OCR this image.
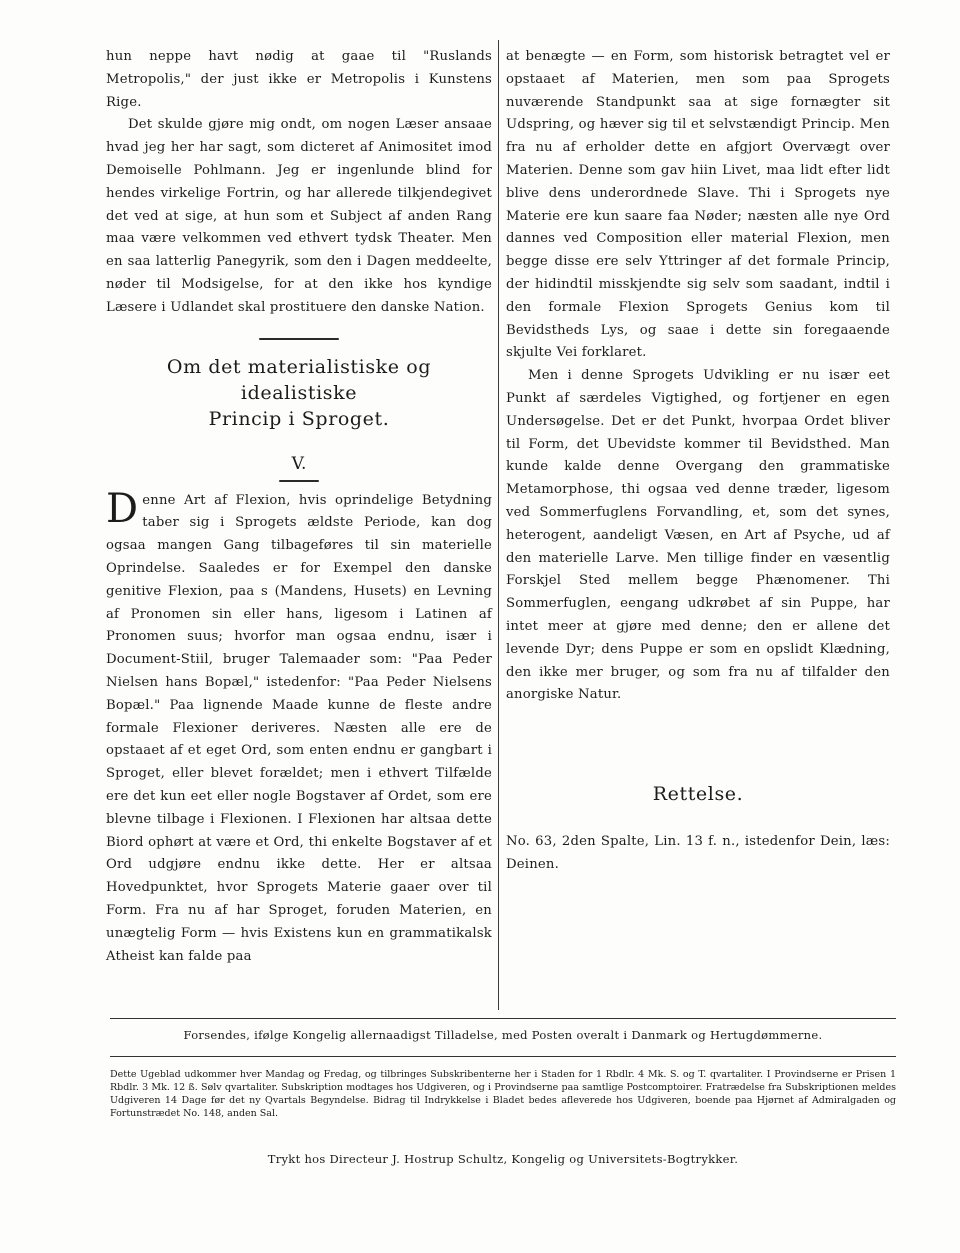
hun neppe havt nødig at gaae til "Ruslands Metropolis," der just ikke er Metropolis i Kunstens Rige.

Det skulde gjøre mig ondt, om nogen Læser ansaae hvad jeg her har sagt, som dicteret af Animositet imod Demoiselle Pohlmann. Jeg er ingenlunde blind for hendes virkelige Fortrin, og har allerede tilkjendegivet det ved at sige, at hun som et Subject af anden Rang maa være velkommen ved ethvert tydsk Theater. Men en saa latterlig Panegyrik, som den i Dagen meddeelte, nøder til Modsigelse, for at den ikke hos kyndige Læsere i Udlandet skal prostituere den danske Nation.

Om det materialistiske og idealistiske
Princip i Sproget.
V.

Denne Art af Flexion, hvis oprindelige Betydning taber sig i Sprogets ældste Periode, kan dog ogsaa mangen Gang tilbageføres til sin materielle Oprindelse. Saaledes er for Exempel den danske genitive Flexion, paa s (Mandens, Husets) en Levning af Pronomen sin eller hans, ligesom i Latinen af Pronomen suus; hvorfor man ogsaa endnu, især i Document-Stiil, bruger Talemaader som: "Paa Peder Nielsen hans Bopæl," istedenfor: "Paa Peder Nielsens Bopæl." Paa lignende Maade kunne de fleste andre formale Flexioner deriveres. Næsten alle ere de opstaaet af et eget Ord, som enten endnu er gangbart i Sproget, eller blevet forældet; men i ethvert Tilfælde ere det kun eet eller nogle Bogstaver af Ordet, som ere blevne tilbage i Flexionen. I Flexionen har altsaa dette Biord ophørt at være et Ord, thi enkelte Bogstaver af et Ord udgjøre endnu ikke dette. Her er altsaa Hovedpunktet, hvor Sprogets Materie gaaer over til Form. Fra nu af har Sproget, foruden Materien, en unægtelig Form — hvis Existens kun en grammatikalsk Atheist kan falde paa

at benægte — en Form, som historisk betragtet vel er opstaaet af Materien, men som paa Sprogets nuværende Standpunkt saa at sige fornægter sit Udspring, og hæver sig til et selvstændigt Princip. Men fra nu af erholder dette en afgjort Overvægt over Materien. Denne som gav hiin Livet, maa lidt efter lidt blive dens underordnede Slave. Thi i Sprogets nye Materie ere kun saare faa Nøder; næsten alle nye Ord dannes ved Composition eller material Flexion, men begge disse ere selv Yttringer af det formale Princip, der hidindtil misskjendte sig selv som saadant, indtil i den formale Flexion Sprogets Genius kom til Bevidstheds Lys, og saae i dette sin foregaaende skjulte Vei forklaret.

Men i denne Sprogets Udvikling er nu især eet Punkt af særdeles Vigtighed, og fortjener en egen Undersøgelse. Det er det Punkt, hvorpaa Ordet bliver til Form, det Ubevidste kommer til Bevidsthed. Man kunde kalde denne Overgang den grammatiske Metamorphose, thi ogsaa ved denne træder, ligesom ved Sommerfuglens Forvandling, et, som det synes, heterogent, aandeligt Væsen, en Art af Psyche, ud af den materielle Larve. Men tillige finder en væsentlig Forskjel Sted mellem begge Phænomener. Thi Sommerfuglen, eengang udkrøbet af sin Puppe, har intet meer at gjøre med denne; den er allene det levende Dyr; dens Puppe er som en opslidt Klædning, den ikke mer bruger, og som fra nu af tilfalder den anorgiske Natur.

Rettelse.

No. 63, 2den Spalte, Lin. 13 f. n., istedenfor Dein, læs: Deinen.

Forsendes, ifølge Kongelig allernaadigst Tilladelse, med Posten overalt i Danmark og Hertugdømmerne.

Dette Ugeblad udkommer hver Mandag og Fredag, og tilbringes Subskribenterne her i Staden for 1 Rbdlr. 4 Mk. S. og T. qvartaliter. I Provindserne er Prisen 1 Rbdlr. 3 Mk. 12 ß. Sølv qvartaliter. Subskription modtages hos Udgiveren, og i Provindserne paa samtlige Postcomptoirer. Fratrædelse fra Subskriptionen meldes Udgiveren 14 Dage før det ny Qvartals Begyndelse. Bidrag til Indrykkelse i Bladet bedes afleverede hos Udgiveren, boende paa Hjørnet af Admiralgaden og Fortunstrædet No. 148, anden Sal.

Trykt hos Directeur J. Hostrup Schultz, Kongelig og Universitets-Bogtrykker.
